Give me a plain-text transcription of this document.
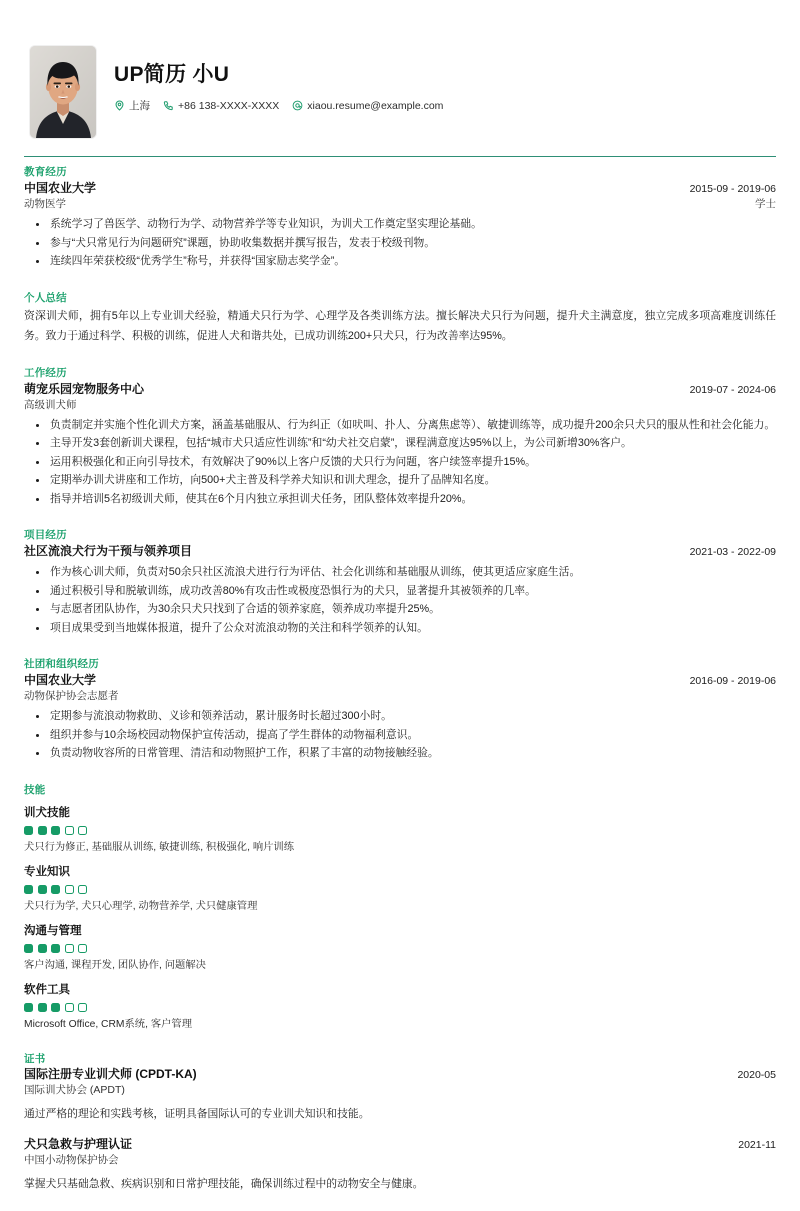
UP简历 小U
上海	+86 138-XXXX-XXXX	xiaou.resume@example.com
教育经历
中国农业大学	2015-09 - 2019-06
动物医学	学士
系统学习了兽医学、动物行为学、动物营养学等专业知识，为训犬工作奠定坚实理论基础。
参与“犬只常见行为问题研究”课题，协助收集数据并撰写报告，发表于校级刊物。
连续四年荣获校级“优秀学生”称号，并获得“国家励志奖学金”。
个人总结
资深训犬师，拥有5年以上专业训犬经验，精通犬只行为学、心理学及各类训练方法。擅长解决犬只行为问题，提升犬主满意度，独立完成多项高难度训练任务。致力于通过科学、积极的训练，促进人犬和谐共处，已成功训练200+只犬只，行为改善率达95%。
工作经历
萌宠乐园宠物服务中心	2019-07 - 2024-06
高级训犬师
负责制定并实施个性化训犬方案，涵盖基础服从、行为纠正（如吠叫、扑人、分离焦虑等）、敏捷训练等，成功提升200余只犬只的服从性和社会化能力。
主导开发3套创新训犬课程，包括“城市犬只适应性训练”和“幼犬社交启蒙”，课程满意度达95%以上，为公司新增30%客户。
运用积极强化和正向引导技术，有效解决了90%以上客户反馈的犬只行为问题，客户续签率提升15%。
定期举办训犬讲座和工作坊，向500+犬主普及科学养犬知识和训犬理念，提升了品牌知名度。
指导并培训5名初级训犬师，使其在6个月内独立承担训犬任务，团队整体效率提升20%。
项目经历
社区流浪犬行为干预与领养项目	2021-03 - 2022-09
作为核心训犬师，负责对50余只社区流浪犬进行行为评估、社会化训练和基础服从训练，使其更适应家庭生活。
通过积极引导和脱敏训练，成功改善80%有攻击性或极度恐惧行为的犬只，显著提升其被领养的几率。
与志愿者团队协作，为30余只犬只找到了合适的领养家庭，领养成功率提升25%。
项目成果受到当地媒体报道，提升了公众对流浪动物的关注和科学领养的认知。
社团和组织经历
中国农业大学	2016-09 - 2019-06
动物保护协会志愿者
定期参与流浪动物救助、义诊和领养活动，累计服务时长超过300小时。
组织并参与10余场校园动物保护宣传活动，提高了学生群体的动物福利意识。
负责动物收容所的日常管理、清洁和动物照护工作，积累了丰富的动物接触经验。
技能
训犬技能
犬只行为修正, 基础服从训练, 敏捷训练, 积极强化, 响片训练
专业知识
犬只行为学, 犬只心理学, 动物营养学, 犬只健康管理
沟通与管理
客户沟通, 课程开发, 团队协作, 问题解决
软件工具
Microsoft Office, CRM系统, 客户管理
证书
国际注册专业训犬师 (CPDT-KA)	2020-05
国际训犬协会 (APDT)
通过严格的理论和实践考核，证明具备国际认可的专业训犬知识和技能。
犬只急救与护理认证	2021-11
中国小动物保护协会
掌握犬只基础急救、疾病识别和日常护理技能，确保训练过程中的动物安全与健康。
